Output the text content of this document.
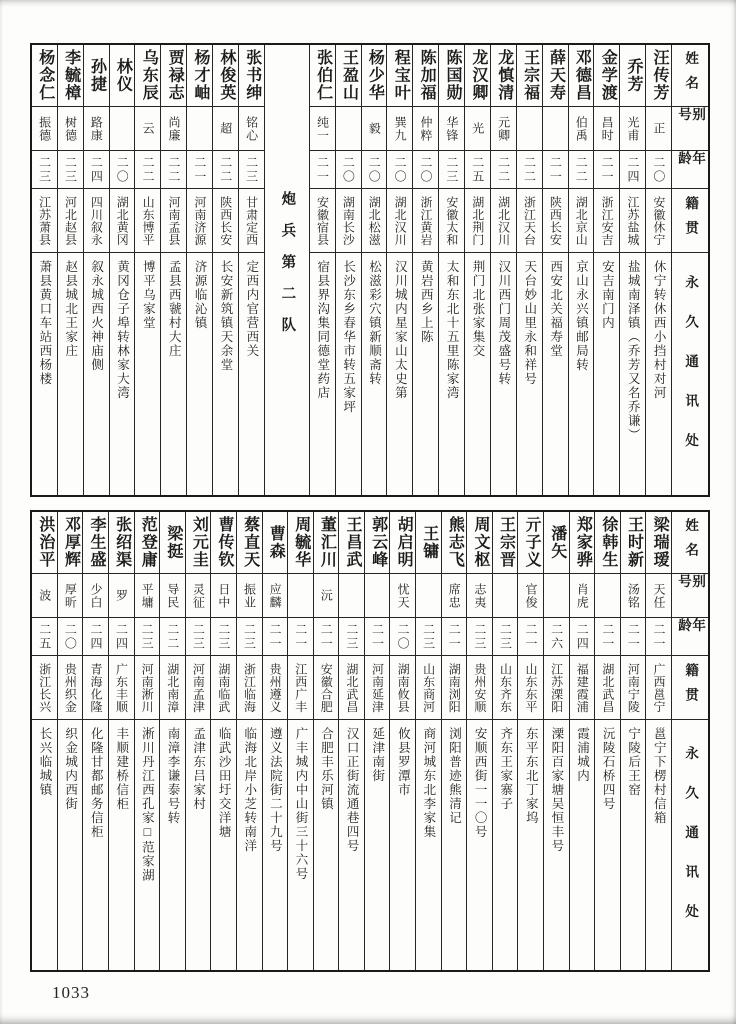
姓名
别号
年龄
籍贯
永久通讯处
汪传芳
正
二〇
安徽休宁
休宁转休西小挡村对河
乔芳
光甫
二四
江苏盐城
盐城南泽镇（乔芳又名乔谦）
金学渡
昌时
二一
浙江安吉
安吉南门内
邓德昌
伯禹
二二
湖北京山
京山永兴镇邮局转
薛天寿
二一
陕西长安
西安北关福寿堂
王宗福
二二
浙江天台
天台妙山里永和祥号
龙慎清
元卿
二二
湖北汉川
汉川西门周茂盛号转
龙汉卿
光
二五
湖北荆门
荆门北张家集交
陈国勋
华锋
二三
安徽太和
太和东北十五里陈家湾
陈加福
仲粹
二〇
浙江黄岩
黄岩西乡上陈
程宝叶
巽九
二〇
湖北汉川
汉川城内星家山太史第
杨少华
毅
二〇
湖北松滋
松滋彩穴镇新顺斋转
王盈山
二〇
湖南长沙
长沙东乡春华市转五家坪
张伯仁
纯一
二一
安徽宿县
宿县界沟集同德堂药店
炮兵第二队
张书绅
铭心
二三
甘肃定西
定西内官营西关
林俊英
超
二二
陕西长安
长安新筑镇天余堂
杨才岫
二一
河南济源
济源临沁镇
贾禄志
尚廉
二二
河南孟县
孟县西虢村大庄
乌东辰
云
二二
山东博平
博平乌家堂
林仪
二〇
湖北黄冈
黄冈仓子埠转林家大湾
孙捷
路康
二四
四川叙永
叙永城西火神庙侧
李毓樟
树德
二三
河北赵县
赵县城北王家庄
杨念仁
振德
二三
江苏萧县
萧县黄口车站西杨楼
姓名
别号
年龄
籍贯
永久通讯处
梁瑞瑷
天任
二一
广西邕宁
邕宁下楞村信箱
王时新
汤铭
二一
河南宁陵
宁陵后王窑
徐韩生
二一
湖北武昌
沅陵石桥四号
郑家骅
肖虎
二四
福建霞浦
霞浦城内
潘矢
二六
江苏溧阳
溧阳百家塘吴恒丰号
亓子义
官俊
二一
山东东平
东平东北丁家坞
王宗晋
二三
山东齐东
齐东王家寨子
周文枢
志夷
二三
贵州安顺
安顺西街一一〇号
熊志飞
席忠
二一
湖南浏阳
浏阳普迹熊清记
王镛
二三
山东商河
商河城东北李家集
胡启明
忧天
二〇
湖南攸县
攸县罗潭市
郭云峰
二一
河南延津
延津南街
王昌武
二三
湖北武昌
汉口正街流通巷四号
董汇川
沅
二一
安徽合肥
合肥丰乐河镇
周毓华
二一
江西广丰
广丰城内中山街三十六号
曹森
应麟
二一
贵州遵义
遵义法院街二十九号
蔡直天
振业
二三
浙江临海
临海北岸小芝转南洋
曹传钦
日中
二三
湖南临武
临武沙田圩交洋塘
刘元圭
灵征
二三
河南孟津
孟津东吕家村
梁挺
导民
二二
湖北南漳
南漳李谦泰号转
范登庸
平墉
二三
河南淅川
淅川丹江西孔家□范家湖
张绍渠
罗
二四
广东丰顺
丰顺建桥信柜
李生盛
少白
二四
青海化隆
化隆甘都邮务信柜
邓厚辉
厚昕
二〇
贵州织金
织金城内西街
洪治平
波
二五
浙江长兴
长兴临城镇
1033
